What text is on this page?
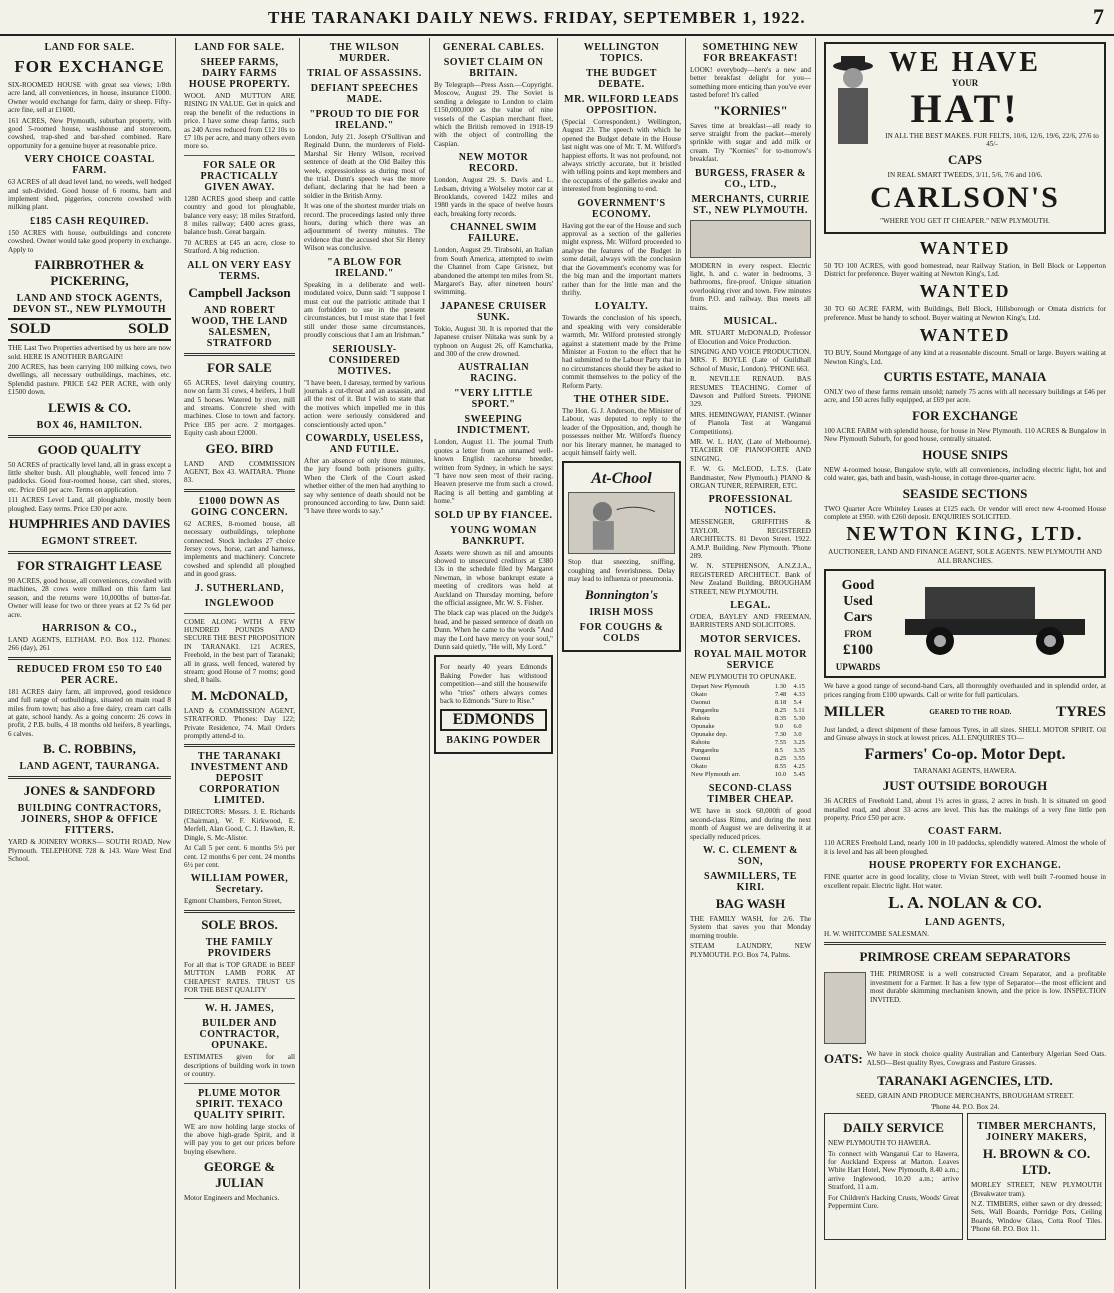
THE TARANAKI DAILY NEWS. FRIDAY, SEPTEMBER 1, 1922.	7
LAND FOR SALE.
FOR EXCHANGE

SIX-ROOMED HOUSE with great sea views; 1/8th acre land, all conveniences, in house, insurance £1000. Owner would exchange for farm, dairy or sheep. Fifty-acre fine, sell at £1600.

161 ACRES, New Plymouth, suburban property, with good 5-roomed house, washhouse and storeroom, cowshed, trap-shed and bar-shed combined. Rare opportunity for a genuine buyer at reasonable price.

VERY CHOICE COASTAL FARM.

63 ACRES of all dead level land, no weeds, well hedged and sub-divided. Good house of 6 rooms, barn and implement shed, piggeries, concrete cowshed with milking plant.

£185 CASH REQUIRED.

150 ACRES with house, outbuildings and concrete cowshed. Owner would take good property in exchange. Apply to

FAIRBROTHER & PICKERING,
LAND AND STOCK AGENTS, DEVON ST., NEW PLYMOUTH
SOLD	SOLD

THE Last Two Properties advertised by us here are now sold. HERE IS ANOTHER BARGAIN!

200 ACRES, has been carrying 100 milking cows, two dwellings, all necessary outbuildings, machines, etc. Splendid pasture. PRICE £42 PER ACRE, with only £1500 down.

LEWIS & CO.
BOX 46, HAMILTON.
GOOD QUALITY

50 ACRES of practically level land, all in grass except a little shelter bush. All ploughable, well fenced into 7 paddocks. Good four-roomed house, cart shed, stores, etc. Price £60 per acre. Terms on application.

111 ACRES Level Land, all ploughable, mostly been ploughed. Easy terms. Price £30 per acre.

HUMPHRIES AND DAVIES
EGMONT STREET.
FOR STRAIGHT LEASE

90 ACRES, good house, all conveniences, cowshed with machines, 28 cows were milked on this farm last season, and the returns were 10,000lbs of butter-fat. Owner will lease for two or three years at £2 7s 6d per acre.

HARRISON & CO.,

LAND AGENTS, ELTHAM. P.O. Box 112. Phones: 266 (day), 261

REDUCED FROM £50 TO £40 PER ACRE.

181 ACRES dairy farm, all improved, good residence and full range of outbuildings, situated on main road 8 miles from town; has also a free dairy, cream cart calls at gate, school handy. As a going concern: 26 cows in profit, 2 P.B. bulls, 4 18 months old heifers, 8 yearlings, 6 calves.

B. C. ROBBINS,
LAND AGENT, TAURANGA.
JONES & SANDFORD
BUILDING CONTRACTORS, JOINERS, SHOP & OFFICE FITTERS.

YARD & JOINERY WORKS— SOUTH ROAD, New Plymouth. TELEPHONE 728 & 143. Ware West End School.

LAND FOR SALE.
SHEEP FARMS, DAIRY FARMS HOUSE PROPERTY.

WOOL AND MUTTON ARE RISING IN VALUE. Get in quick and reap the benefit of the reductions in price. I have some cheap farms, such as 240 Acres reduced from £12 10s to £7 10s per acre, and many others even more so.

FOR SALE OR PRACTICALLY GIVEN AWAY.

1280 ACRES good sheep and cattle country and good lot ploughable, balance very easy; 18 miles Stratford, 8 miles railway; £400 acres grass, balance bush. Great bargain.

70 ACRES at £45 an acre, close to Stratford. A big reduction.

ALL ON VERY EASY TERMS.
Campbell Jackson
AND ROBERT WOOD, THE LAND SALESMEN, STRATFORD
FOR SALE

65 ACRES, level dairying country, now on farm 31 cows, 4 heifers, 1 bull and 5 horses. Watered by river, mill and streams. Concrete shed with machines. Close to town and factory. Price £85 per acre. 2 mortgages. Equity cash about £2000.

GEO. BIRD

LAND AND COMMISSION AGENT, Box 43. WAITARA. 'Phone 83.

£1000 DOWN AS GOING CONCERN.

62 ACRES, 8-roomed house, all necessary outbuildings, telephone connected. Stock includes 27 choice Jersey cows, horse, cart and harness, implements and machinery. Concrete cowshed and splendid all ploughed and in good grass.

J. SUTHERLAND,
INGLEWOOD

COME ALONG WITH A FEW HUNDRED POUNDS AND SECURE THE BEST PROPOSITION IN TARANAKI. 121 ACRES, Freehold, in the best part of Taranaki; all in grass, well fenced, watered by stream; good House of 7 rooms; good shed, 8 bails.

M. McDONALD,

LAND & COMMISSION AGENT, STRATFORD. 'Phones: Day 122; Private Residence, 74. Mail Orders promptly attend-d to.

THE TARANAKI INVESTMENT AND DEPOSIT CORPORATION LIMITED.

DIRECTORS: Messrs. J. E. Richards (Chairman), W. F. Kirkwood, E. Merfell, Alan Good, C. J. Hawken, R. Dingle, S. Mc-Alister.

At Call 5 per cent. 6 months 5½ per cent. 12 months 6 per cent. 24 months 6½ per cent.

WILLIAM POWER, Secretary.

Egmont Chambers, Fenton Street,

SOLE BROS.
THE FAMILY PROVIDERS

For all that is TOP GRADE in BEEF MUTTON LAMB PORK AT CHEAPEST RATES. TRUST US FOR THE BEST QUALITY

W. H. JAMES,
BUILDER AND CONTRACTOR, OPUNAKE.

ESTIMATES given for all descriptions of building work in town or country.

PLUME MOTOR SPIRIT. TEXACO QUALITY SPIRIT.

WE are now holding large stocks of the above high-grade Spirit, and it will pay you to get our prices before buying elsewhere.

GEORGE & JULIAN

Motor Engineers and Mechanics.

THE WILSON MURDER.
TRIAL OF ASSASSINS.
DEFIANT SPEECHES MADE.
"PROUD TO DIE FOR IRELAND."

London, July 21. Joseph O'Sullivan and Reginald Dunn, the murderers of Field-Marshal Sir Henry Wilson, received sentence of death at the Old Bailey this week, expressionless as during most of the trial. Dunn's speech was the more defiant, declaring that he had been a soldier in the British Army.

It was one of the shortest murder trials on record. The proceedings lasted only three hours, during which there was an adjournment of twenty minutes. The evidence that the accused shot Sir Henry Wilson was conclusive.

"A BLOW FOR IRELAND."

Speaking in a deliberate and well-modulated voice, Dunn said: "I suppose I must cut out the patriotic attitude that I am forbidden to use in the present circumstances, but I must state that I feel still under those same circumstances, proudly conscious that I am an Irishman."

SERIOUSLY-CONSIDERED MOTIVES.

"I have been, I daresay, termed by various journals a cut-throat and an assassin, and all the rest of it. But I wish to state that the motives which impelled me in this action were seriously considered and conscientiously acted upon."

COWARDLY, USELESS, AND FUTILE.

After an absence of only three minutes, the jury found both prisoners guilty. When the Clerk of the Court asked whether either of the men had anything to say why sentence of death should not be pronounced according to law, Dunn said: "I have three words to say."

GENERAL CABLES.
SOVIET CLAIM ON BRITAIN.

By Telegraph—Press Assn.—Copyright. Moscow, August 29. The Soviet is sending a delegate to London to claim £150,000,000 as the value of nine vessels of the Caspian merchant fleet, which the British removed in 1918-19 with the object of controlling the Caspian.

NEW MOTOR RECORD.

London, August 29. S. Davis and L. Ledsam, driving a Wolseley motor car at Brooklands, covered 1422 miles and 1980 yards in the space of twelve hours each, breaking forty records.

CHANNEL SWIM FAILURE.

London, August 29. Tirabsohi, an Italian from South America, attempted to swim the Channel from Cape Grisnez, but abandoned the attempt ten miles from St. Margaret's Bay, after nineteen hours' swimming.

JAPANESE CRUISER SUNK.

Tokio, August 30. It is reported that the Japanese cruiser Niitaka was sunk by a typhoon on August 26, off Kamchatka, and 300 of the crew drowned.

AUSTRALIAN RACING.
"VERY LITTLE SPORT."
SWEEPING INDICTMENT.

London, August 11. The journal Truth quotes a letter from an unnamed well-known English racehorse breeder, written from Sydney, in which he says: "I have now seen most of their racing. Heaven preserve me from such a crowd. Racing is all betting and gambling at home."

SOLD UP BY FIANCEE.
YOUNG WOMAN BANKRUPT.

Assets were shown as nil and amounts showed to unsecured creditors at £380 13s in the schedule filed by Margaret Newman, in whose bankrupt estate a meeting of creditors was held at Auckland on Thursday morning, before the official assignee, Mr. W. S. Fisher.

The black cap was placed on the Judge's head, and he passed sentence of death on Dunn. When he came to the words "And may the Lord have mercy on your soul," Dunn said quietly, "He will, My Lord."

For nearly 40 years Edmonds Baking Powder has withstood competition—and still the housewife who "tries" others always comes back to Edmonds "Sure to Rise."

EDMONDS
BAKING POWDER
WELLINGTON TOPICS.
THE BUDGET DEBATE.
MR. WILFORD LEADS OPPOSITION.

(Special Correspondent.) Wellington, August 23. The speech with which he opened the Budget debate in the House last night was one of Mr. T. M. Wilford's happiest efforts. It was not profound, not always strictly accurate, but it bristled with telling points and kept members and the occupants of the galleries awake and interested from beginning to end.

GOVERNMENT'S ECONOMY.

Having got the ear of the House and such approval as a section of the galleries might express, Mr. Wilford proceeded to analyse the features of the Budget in some detail, always with the conclusion that the Government's economy was for the big man and the important matters rather than for the little man and the thrifty.

LOYALTY.

Towards the conclusion of his speech, and speaking with very considerable warmth, Mr. Wilford protested strongly against a statement made by the Prime Minister at Foxton to the effect that he had submitted to the Labour Party that in no circumstances should they be asked to commit themselves to the policy of the Reform Party.

THE OTHER SIDE.

The Hon. G. J. Anderson, the Minister of Labour, was deputed to reply to the leader of the Opposition, and, though he possesses neither Mr. Wilford's fluency nor his literary manner, he managed to acquit himself fairly well.

At-Chool

Stop that sneezing, sniffing, coughing and feverishness. Delay may lead to influenza or pneumonia.

Bonnington's
IRISH MOSS
FOR COUGHS & COLDS
SOMETHING NEW FOR BREAKFAST!

LOOK! everybody—here's a new and better breakfast delight for you—something more enticing than you've ever tasted before! It's called

"KORNIES"

Saves time at breakfast—all ready to serve straight from the packet—merely sprinkle with sugar and add milk or cream. Try "Kornies" for to-morrow's breakfast.

BURGESS, FRASER & CO., LTD.,
MERCHANTS, CURRIE ST., NEW PLYMOUTH.

MODERN in every respect. Electric light, h. and c. water in bedrooms, 3 bathrooms, fire-proof. Unique situation overlooking river and town. Few minutes from P.O. and railway. Bus meets all trains.

MUSICAL.

MR. STUART McDONALD, Professor of Elocution and Voice Production.

SINGING AND VOICE PRODUCTION. MRS. F. BOYLE (Late of Guildhall School of Music, London). 'PHONE 663.

R. NEVILLE RENAUD. BAS RESUMES TEACHING. Corner of Dawson and Pulford Streets. 'PHONE 329.

MRS. HEMINGWAY, PIANIST. (Winner of Pianola Test at Wanganui Competitions).

MR. W. L. HAY, (Late of Melbourne). TEACHER OF PIANOFORTE AND SINGING.

F. W. G. McLEOD, L.T.S. (Late Bandmaster, New Plymouth.) PIANO & ORGAN TUNER, REPAIRER, ETC.

PROFESSIONAL NOTICES.

MESSENGER, GRIFFITHS & TAYLOR. REGISTERED ARCHITECTS. 81 Devon Street. 1922. A.M.P. Building, New Plymouth. 'Phone 289.

W. N. STEPHENSON, A.N.Z.I.A., REGISTERED ARCHITECT. Bank of New Zealand Building, BROUGHAM STREET, NEW PLYMOUTH.

LEGAL.

O'DEA, BAYLEY AND FREEMAN, BARRISTERS AND SOLICITORS.

MOTOR SERVICES.
ROYAL MAIL MOTOR SERVICE

NEW PLYMOUTH TO OPUNAKE.

Depart New Plymouth	1.30	4.15
Okato	7.48	4.33
Oaonui	8.18	5.4
Pungarehu	8.25	5.11
Rahotu	8.35	5.30
Opunake	9.0	6.0
Opunake dep.	7.30	3.0
Rahotu	7.55	3.25
Pungarehu	8.5	3.35
Oaonui	8.25	3.55
Okato	8.55	4.25
New Plymouth arr.	10.0	5.45
SECOND-CLASS TIMBER CHEAP.

WE have in stock 60,000ft of good second-class Rimu, and during the next month of August we are delivering it at specially reduced prices.

W. C. CLEMENT & SON,
SAWMILLERS, TE KIRI.
BAG WASH

THE FAMILY WASH, for 2/6. The System that saves you that Monday morning trouble.

STEAM LAUNDRY, NEW PLYMOUTH. P.O. Box 74, Palms.

WE HAVE
YOUR
HAT!

IN ALL THE BEST MAKES. FUR FELTS, 10/6, 12/6, 19/6, 22/6, 27/6 to 45/-

CAPS

IN REAL SMART TWEEDS, 3/11, 5/6, 7/6 and 10/6.

CARLSON'S

"WHERE YOU GET IT CHEAPER." NEW PLYMOUTH.

WANTED

50 TO 100 ACRES, with good homestead, near Railway Station, in Bell Block or Lepperton District for preference. Buyer waiting at Newton King's, Ltd.

WANTED

30 TO 60 ACRE FARM, with Buildings, Bell Block, Hillsborough or Omata districts for preference. Must be handy to school. Buyer waiting at Newton King's, Ltd.

WANTED

TO BUY, Sound Mortgage of any kind at a reasonable discount. Small or large. Buyers waiting at Newton King's, Ltd.

CURTIS ESTATE, MANAIA

ONLY two of these farms remain unsold; namely 75 acres with all necessary buildings at £46 per acre, and 150 acres fully equipped, at £69 per acre.

FOR EXCHANGE

100 ACRE FARM with splendid house, for house in New Plymouth. 110 ACRES & Bungalow in New Plymouth Suburb, for good house, centrally situated.

HOUSE SNIPS

NEW 4-roomed house, Bungalow style, with all conveniences, including electric light, hot and cold water, gas, bath and basin, wash-house, in cottage three-quarter acre.

SEASIDE SECTIONS

TWO Quarter Acre Whiteley Leases at £125 each. Or vendor will erect new 4-roomed House complete at £950. with £260 deposit. ENQUIRIES SOLICITED.

NEWTON KING, LTD.

AUCTIONEER, LAND AND FINANCE AGENT, SOLE AGENTS. NEW PLYMOUTH AND ALL BRANCHES.

Good Used Cars
FROM
£100
UPWARDS

We have a good range of second-hand Cars, all thoroughly overhauled and in splendid order, at prices ranging from £100 upwards. Call or write for full particulars.

MILLER	GEARED TO THE ROAD.	TYRES

Just landed, a direct shipment of these famous Tyres, in all sizes. SHELL MOTOR SPIRIT. Oil and Grease always in stock at lowest prices. ALL ENQUIRIES TO—

Farmers' Co-op. Motor Dept.

TARANAKI AGENTS, HAWERA.

JUST OUTSIDE BOROUGH

36 ACRES of Freehold Land, about 1½ acres in grass, 2 acres in bush. It is situated on good metalled road, and about 33 acres are level. This has the makings of a very fine little pen property. Price £50 per acre.

COAST FARM.

110 ACRES Freehold Land, nearly 100 in 10 paddocks, splendidly watered. Almost the whole of it is level and has all been ploughed.

HOUSE PROPERTY FOR EXCHANGE.

FINE quarter acre in good locality, close to Vivian Street, with well built 7-roomed house in excellent repair. Electric light. Hot water.

L. A. NOLAN & CO.
LAND AGENTS,

H. W. WHITCOMBE SALESMAN.

PRIMROSE CREAM SEPARATORS

THE PRIMROSE is a well constructed Cream Separator, and a profitable investment for a Farmer. It has a few type of Separator—the most efficient and most durable skimming mechanism known, and the price is low. INSPECTION INVITED.

OATS: We have in stock choice quality Australian and Canterbury Algerian Seed Oats. ALSO—Best quality Ryes, Cowgrass and Pasture Grasses.

TARANAKI AGENCIES, LTD.

SEED, GRAIN AND PRODUCE MERCHANTS, BROUGHAM STREET.

'Phone 44. P.O. Box 24.

DAILY SERVICE

NEW PLYMOUTH TO HAWERA.

To connect with Wanganui Car to Hawera, for Auckland Express at Marton. Leaves White Hart Hotel, New Plymouth, 8.40 a.m.; arrive Inglewood, 10.20 a.m.; arrive Stratford, 11 a.m.

For Children's Hacking Crusts, Woods' Great Peppermint Cure.

TIMBER MERCHANTS, JOINERY MAKERS,
H. BROWN & CO. LTD.

MORLEY STREET, NEW PLYMOUTH (Breakwater tram).

N.Z. TIMBERS, either sawn or dry dressed; Sets, Wall Boards, Porridge Pots, Ceiling Boards, Window Glass, Cotta Roof Tiles. 'Phone 68. P.O. Box 11.
